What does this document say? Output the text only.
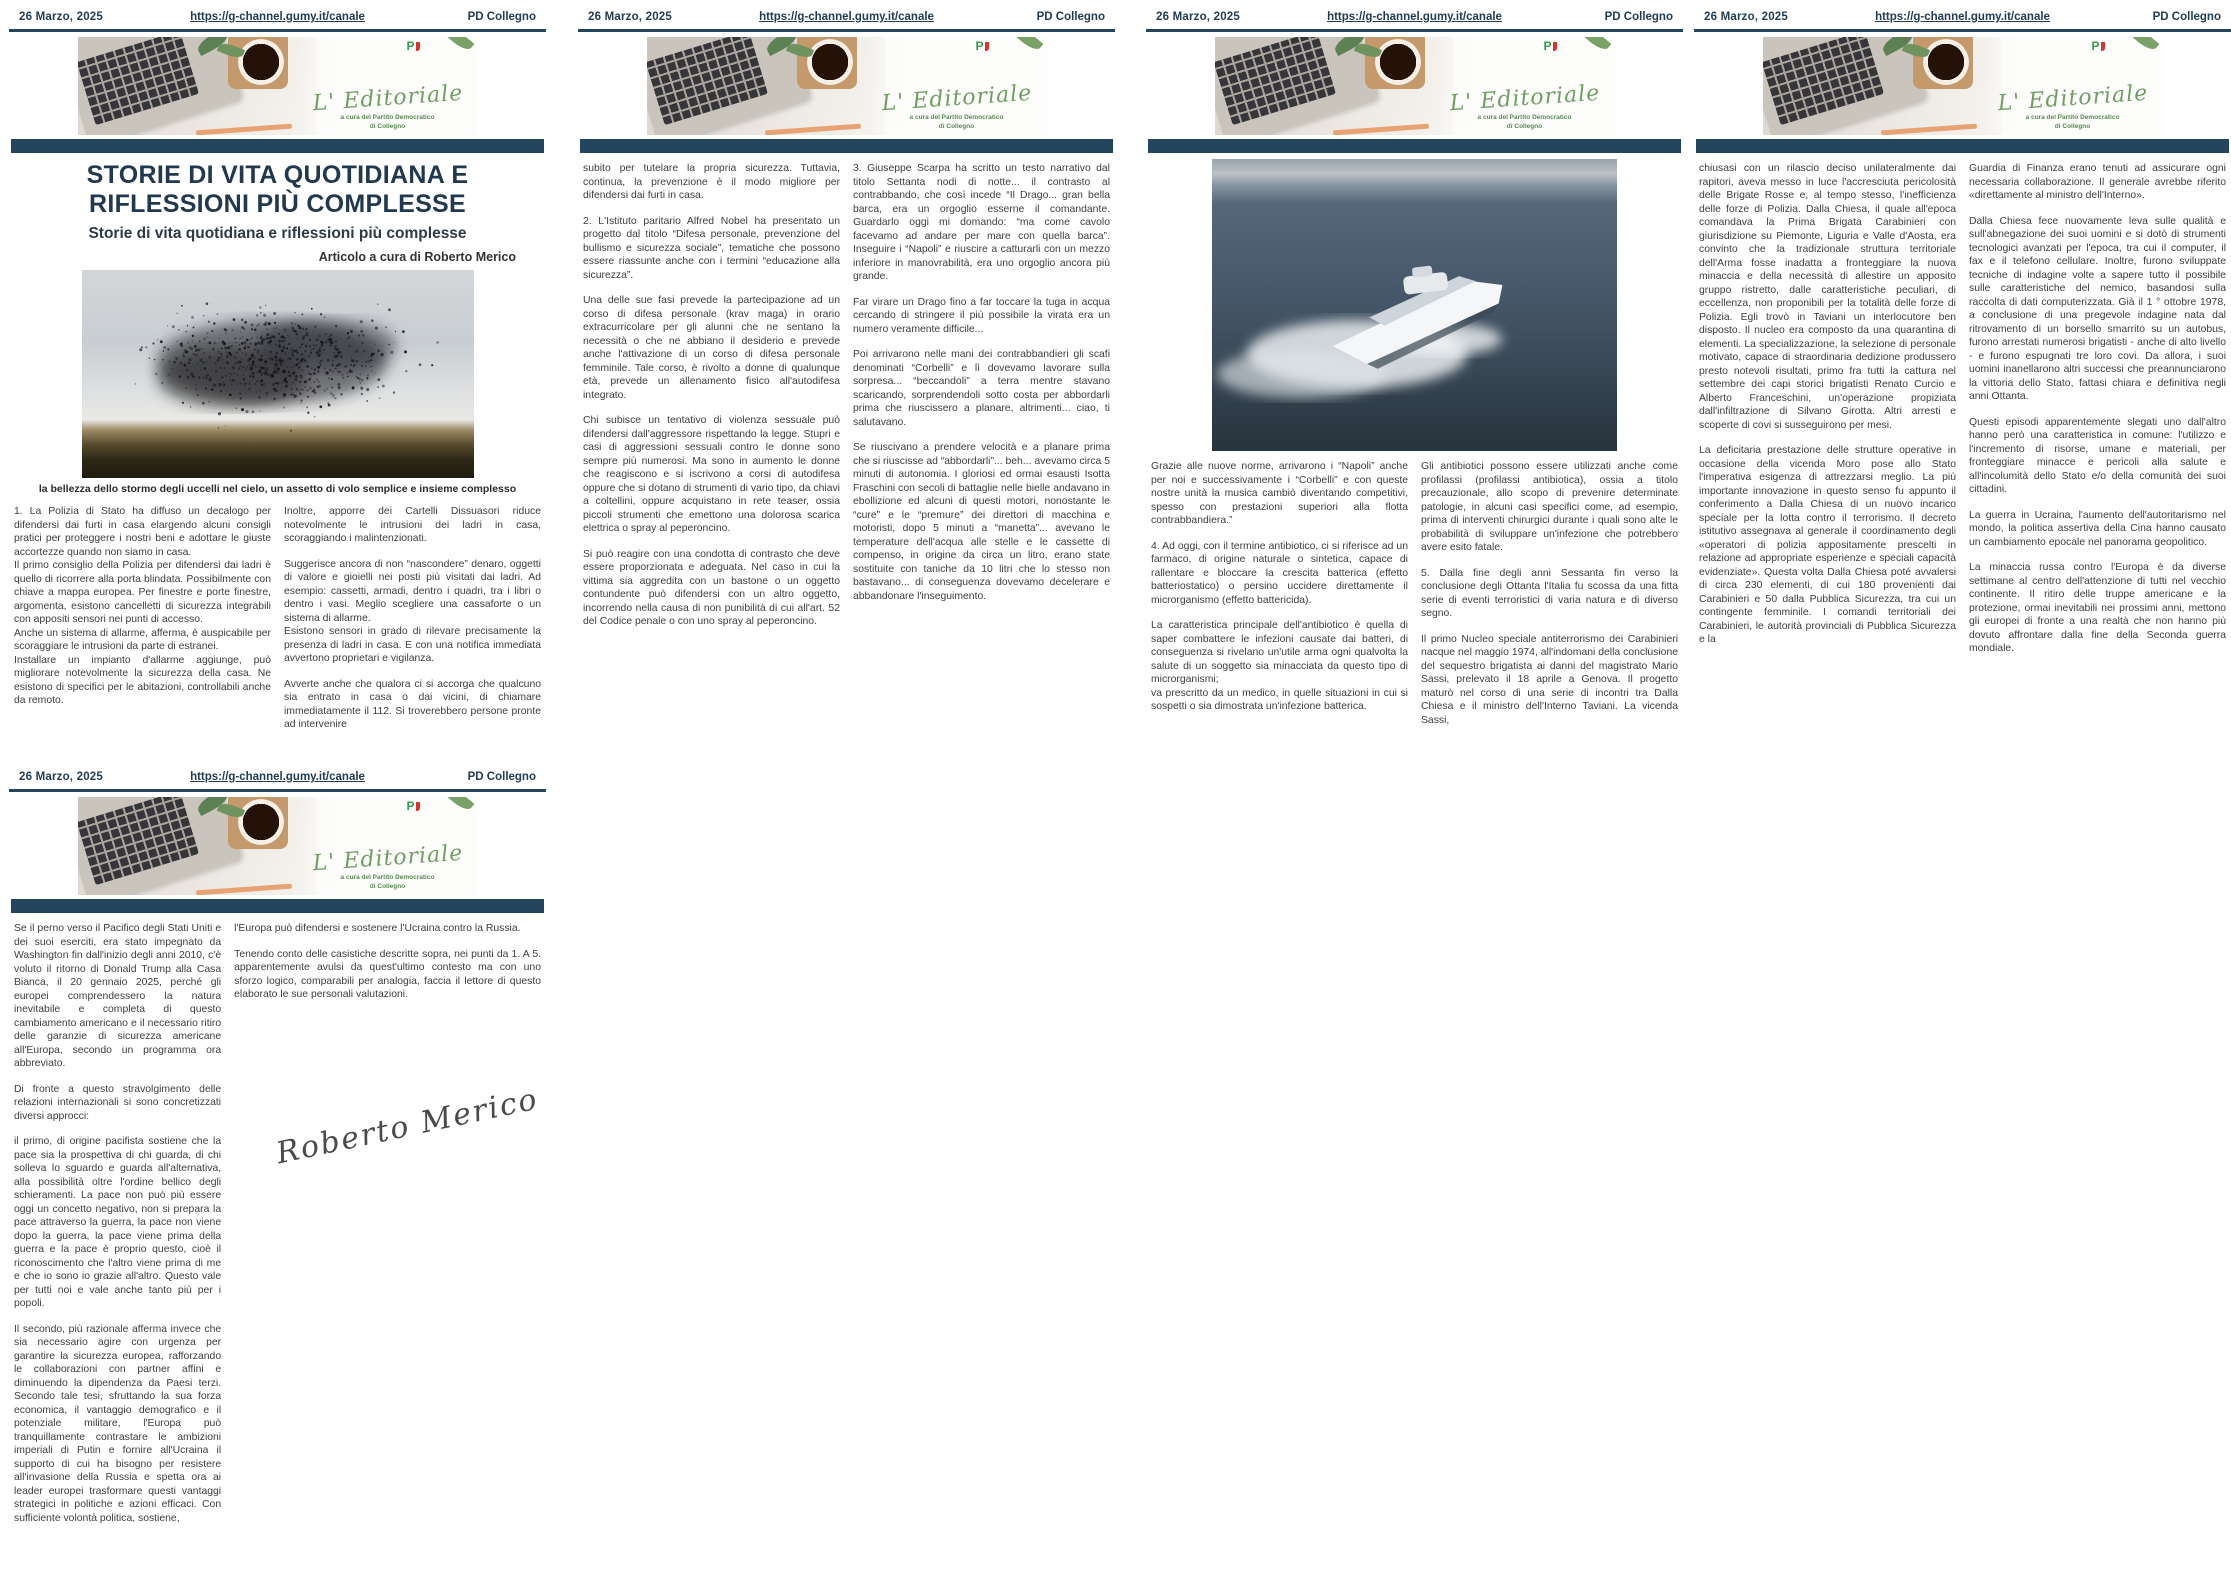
26 Marzo, 2025	https://g-channel.gumy.it/canale	PD Collegno
P
L' Editoriale
a cura del Partito Democratico
di Collegno
STORIE DI VITA QUOTIDIANA E RIFLESSIONI PIÙ COMPLESSE
Storie di vita quotidiana e riflessioni più complesse
Articolo a cura di Roberto Merico
la bellezza dello stormo degli uccelli nel cielo, un assetto di volo semplice e insieme complesso

1. La Polizia di Stato ha diffuso un decalogo per difendersi dai furti in casa elargendo alcuni consigli pratici per proteggere i nostri beni e adottare le giuste accortezze quando non siamo in casa.

Il primo consiglio della Polizia per difendersi dai ladri è quello di ricorrere alla porta blindata. Possibilmente con chiave a mappa europea. Per finestre e porte finestre, argomenta, esistono cancelletti di sicurezza integrabili con appositi sensori nei punti di accesso.

Anche un sistema di allarme, afferma, è auspicabile per scoraggiare le intrusioni da parte di estranei.

Installare un impianto d'allarme aggiunge, può migliorare notevolmente la sicurezza della casa. Ne esistono di specifici per le abitazioni, controllabili anche da remoto.

Inoltre, apporre dei Cartelli Dissuasori riduce notevolmente le intrusioni dei ladri in casa, scoraggiando i malintenzionati.

Suggerisce ancora di non “nascondere” denaro, oggetti di valore e gioielli nei posti più visitati dai ladri. Ad esempio: cassetti, armadi, dentro i quadri, tra i libri o dentro i vasi. Meglio scegliere una cassaforte o un sistema di allarme.

Esistono sensori in grado di rilevare precisamente la presenza di ladri in casa. E con una notifica immediata avvertono proprietari e vigilanza.

Avverte anche che qualora ci si accorga che qualcuno sia entrato in casa o dai vicini, di chiamare immediatamente il 112. Si troverebbero persone pronte ad intervenire

26 Marzo, 2025	https://g-channel.gumy.it/canale	PD Collegno
P
L' Editoriale
a cura del Partito Democratico
di Collegno

subito per tutelare la propria sicurezza. Tuttavia, continua, la prevenzione è il modo migliore per difendersi dai furti in casa.

2. L'Istituto paritario Alfred Nobel ha presentato un progetto dal titolo “Difesa personale, prevenzione del bullismo e sicurezza sociale”, tematiche che possono essere riassunte anche con i termini “educazione alla sicurezza”.

Una delle sue fasi prevede la partecipazione ad un corso di difesa personale (krav maga) in orario extracurricolare per gli alunni che ne sentano la necessità o che ne abbiano il desiderio e prevede anche l'attivazione di un corso di difesa personale femminile. Tale corso, è rivolto a donne di qualunque età, prevede un allenamento fisico all'autodifesa integrato.

Chi subisce un tentativo di violenza sessuale può difendersi dall'aggressore rispettando la legge. Stupri e casi di aggressioni sessuali contro le donne sono sempre più numerosi. Ma sono in aumento le donne che reagiscono e si iscrivono a corsi di autodifesa oppure che si dotano di strumenti di vario tipo, da chiavi a coltellini, oppure acquistano in rete teaser, ossia piccoli strumenti che emettono una dolorosa scarica elettrica o spray al peperoncino.

Si può reagire con una condotta di contrasto che deve essere proporzionata e adeguata. Nel caso in cui la vittima sia aggredita con un bastone o un oggetto contundente può difendersi con un altro oggetto, incorrendo nella causa di non punibilità di cui all'art. 52 del Codice penale o con uno spray al peperoncino.

3. Giuseppe Scarpa ha scritto un testo narrativo dal titolo Settanta nodi di notte... il contrasto al contrabbando, che così incede “Il Drago... gran bella barca, era un orgoglio esserne il comandante. Guardarlo oggi mi domando: “ma come cavolo facevamo ad andare per mare con quella barca”. Inseguire i “Napoli” e riuscire a catturarli con un mezzo inferiore in manovrabilità, era uno orgoglio ancora più grande.

Far virare un Drago fino a far toccare la tuga in acqua cercando di stringere il più possibile la virata era un numero veramente difficile...

Poi arrivarono nelle mani dei contrabbandieri gli scafi denominati “Corbelli” e lì dovevamo lavorare sulla sorpresa... “beccandoli” a terra mentre stavano scaricando, sorprendendoli sotto costa per abbordarli prima che riuscissero a planare, altrimenti... ciao, ti salutavano.

Se riuscivano a prendere velocità e a planare prima che si riuscisse ad “abbordarli”... beh... avevamo circa 5 minuti di autonomia. I gloriosi ed ormai esausti Isotta Fraschini con secoli di battaglie nelle bielle andavano in ebollizione ed alcuni di questi motori, nonostante le “cure” e le “premure” dei direttori di macchina e motoristi, dopo 5 minuti a “manetta”... avevano le temperature dell'acqua alle stelle e le cassette di compenso, in origine da circa un litro, erano state sostituite con taniche da 10 litri che lo stesso non bastavano... di conseguenza dovevamo decelerare e abbandonare l'inseguimento.

26 Marzo, 2025	https://g-channel.gumy.it/canale	PD Collegno
P
L' Editoriale
a cura del Partito Democratico
di Collegno

Grazie alle nuove norme, arrivarono i “Napoli” anche per noi e successivamente i “Corbelli” e con queste nostre unità la musica cambiò diventando competitivi, spesso con prestazioni superiori alla flotta contrabbandiera.”

4. Ad oggi, con il termine antibiotico, ci si riferisce ad un farmaco, di origine naturale o sintetica, capace di rallentare e bloccare la crescita batterica (effetto batteriostatico) o persino uccidere direttamente il microrganismo (effetto battericida).

La caratteristica principale dell'antibiotico è quella di saper combattere le infezioni causate dai batteri, di conseguenza si rivelano un'utile arma ogni qualvolta la salute di un soggetto sia minacciata da questo tipo di microrganismi;

va prescritto da un medico, in quelle situazioni in cui si sospetti o sia dimostrata un'infezione batterica.

Gli antibiotici possono essere utilizzati anche come profilassi (profilassi antibiotica), ossia a titolo precauzionale, allo scopo di prevenire determinate patologie, in alcuni casi specifici come, ad esempio, prima di interventi chirurgici durante i quali sono alte le probabilità di sviluppare un'infezione che potrebbero avere esito fatale.

5. Dalla fine degli anni Sessanta fin verso la conclusione degli Ottanta l'Italia fu scossa da una fitta serie di eventi terroristici di varia natura e di diverso segno.

Il primo Nucleo speciale antiterrorismo dei Carabinieri nacque nel maggio 1974, all'indomani della conclusione del sequestro brigatista ai danni del magistrato Mario Sassi, prelevato il 18 aprile a Genova. Il progetto maturò nel corso di una serie di incontri tra Dalla Chiesa e il ministro dell'Interno Taviani. La vicenda Sassi,

26 Marzo, 2025	https://g-channel.gumy.it/canale	PD Collegno
P
L' Editoriale
a cura del Partito Democratico
di Collegno

chiusasi con un rilascio deciso unilateralmente dai rapitori, aveva messo in luce l'accresciuta pericolosità delle Brigate Rosse e, al tempo stesso, l'inefficienza delle forze di Polizia. Dalla Chiesa, il quale all'epoca comandava la Prima Brigata Carabinieri con giurisdizione su Piemonte, Liguria e Valle d'Aosta, era convinto che la tradizionale struttura territoriale dell'Arma fosse inadatta a fronteggiare la nuova minaccia e della necessità di allestire un apposito gruppo ristretto, dalle caratteristiche peculiari, di eccellenza, non proponibili per la totalità delle forze di Polizia. Egli trovò in Taviani un interlocutore ben disposto. Il nucleo era composto da una quarantina di elementi. La specializzazione, la selezione di personale motivato, capace di straordinaria dedizione produssero presto notevoli risultati, primo fra tutti la cattura nel settembre dei capi storici brigatisti Renato Curcio e Alberto Franceschini, un'operazione propiziata dall'infiltrazione di Silvano Girotta. Altri arresti e scoperte di covi si susseguirono per mesi.

La deficitaria prestazione delle strutture operative in occasione della vicenda Moro pose allo Stato l'imperativa esigenza di attrezzarsi meglio. La più importante innovazione in questo senso fu appunto il conferimento a Dalla Chiesa di un nuovo incarico speciale per la lotta contro il terrorismo. Il decreto istitutivo assegnava al generale il coordinamento degli «operatori di polizia appositamente prescelti in relazione ad appropriate esperienze e speciali capacità evidenziate». Questa volta Dalla Chiesa poté avvalersi di circa 230 elementi, di cui 180 provenienti dai Carabinieri e 50 dalla Pubblica Sicurezza, tra cui un contingente femminile. I comandi territoriali dei Carabinieri, le autorità provinciali di Pubblica Sicurezza e la

Guardia di Finanza erano tenuti ad assicurare ogni necessaria collaborazione. Il generale avrebbe riferito «direttamente al ministro dell'Interno».

Dalla Chiesa fece nuovamente leva sulle qualità e sull'abnegazione dei suoi uomini e si dotò di strumenti tecnologici avanzati per l'epoca, tra cui il computer, il fax e il telefono cellulare. Inoltre, furono sviluppate tecniche di indagine volte a sapere tutto il possibile sulle caratteristiche del nemico, basandosi sulla raccolta di dati computerizzata. Già il 1 ° ottobre 1978, a conclusione di una pregevole indagine nata dal ritrovamento di un borsello smarrito su un autobus, furono arrestati numerosi brigatisti - anche di alto livello - e furono espugnati tre loro covi. Da allora, i suoi uomini inanellarono altri successi che preannunciarono la vittoria dello Stato, fattasi chiara e definitiva negli anni Ottanta.

Questi episodi apparentemente slegati uno dall'altro hanno però una caratteristica in comune: l'utilizzo e l'incremento di risorse, umane e materiali, per fronteggiare minacce e pericoli alla salute e all'incolumità dello Stato e/o della comunità dei suoi cittadini.

La guerra in Ucraina, l'aumento dell'autoritarismo nel mondo, la politica assertiva della Cina hanno causato un cambiamento epocale nel panorama geopolitico.

La minaccia russa contro l'Europa è da diverse settimane al centro dell'attenzione di tutti nel vecchio continente. Il ritiro delle truppe americane e la protezione, ormai inevitabili nei prossimi anni, mettono gli europei di fronte a una realtà che non hanno più dovuto affrontare dalla fine della Seconda guerra mondiale.

26 Marzo, 2025	https://g-channel.gumy.it/canale	PD Collegno
P
L' Editoriale
a cura del Partito Democratico
di Collegno

Se il perno verso il Pacifico degli Stati Uniti e dei suoi eserciti, era stato impegnato da Washington fin dall'inizio degli anni 2010, c'è voluto il ritorno di Donald Trump alla Casa Bianca, il 20 gennaio 2025, perché gli europei comprendessero la natura inevitabile e completa di questo cambiamento americano e il necessario ritiro delle garanzie di sicurezza americane all'Europa, secondo un programma ora abbreviato.

Di fronte a questo stravolgimento delle relazioni internazionali si sono concretizzati diversi approcci:

il primo, di origine pacifista sostiene che la pace sia la prospettiva di chi guarda, di chi solleva lo sguardo e guarda all'alternativa, alla possibilità oltre l'ordine bellico degli schieramenti. La pace non può più essere oggi un concetto negativo, non si prepara la pace attraverso la guerra, la pace non viene dopo la guerra, la pace viene prima della guerra e la pace è proprio questo, cioè il riconoscimento che l'altro viene prima di me e che io sono io grazie all'altro. Questo vale per tutti noi e vale anche tanto più per i popoli.

Il secondo, più razionale afferma invece che sia necessario agire con urgenza per garantire la sicurezza europea, rafforzando le collaborazioni con partner affini e diminuendo la dipendenza da Paesi terzi. Secondo tale tesi, sfruttando la sua forza economica, il vantaggio demografico e il potenziale militare, l'Europa può tranquillamente contrastare le ambizioni imperiali di Putin e fornire all'Ucraina il supporto di cui ha bisogno per resistere all'invasione della Russia e spetta ora ai leader europei trasformare questi vantaggi strategici in politiche e azioni efficaci. Con sufficiente volontà politica, sostiene,

l'Europa può difendersi e sostenere l'Ucraina contro la Russia.

Tenendo conto delle casistiche descritte sopra, nei punti da 1. A 5. apparentemente avulsi da quest'ultimo contesto ma con uno sforzo logico, comparabili per analogia, faccia il lettore di questo elaborato le sue personali valutazioni.

Roberto Merico
